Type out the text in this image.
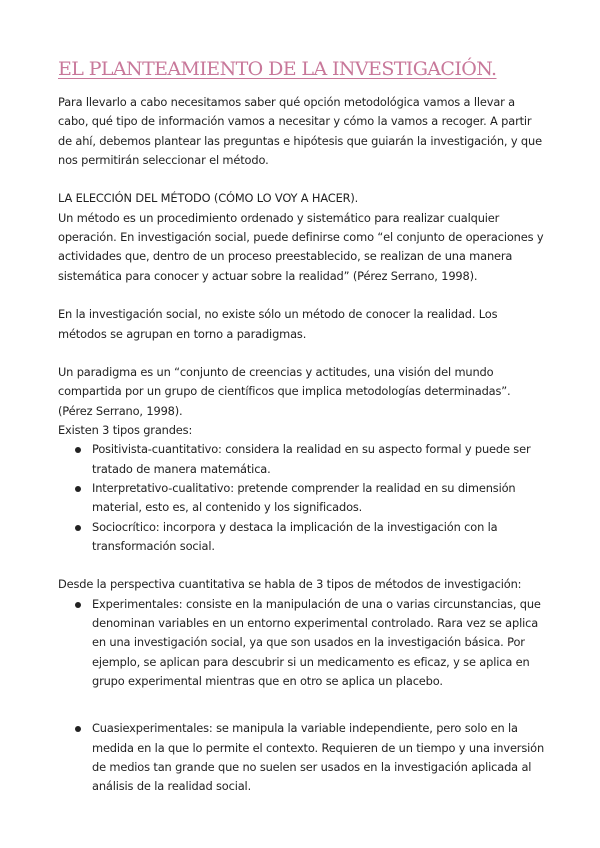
EL PLANTEAMIENTO DE LA INVESTIGACIÓN.

Para llevarlo a cabo necesitamos saber qué opción metodológica vamos a llevar a cabo, qué tipo de información vamos a necesitar y cómo la vamos a recoger. A partir de ahí, debemos plantear las preguntas e hipótesis que guiarán la investigación, y que nos permitirán seleccionar el método.

LA ELECCIÓN DEL MÉTODO (CÓMO LO VOY A HACER).

Un método es un procedimiento ordenado y sistemático para realizar cualquier operación. En investigación social, puede definirse como “el conjunto de operaciones y actividades que, dentro de un proceso preestablecido, se realizan de una manera sistemática para conocer y actuar sobre la realidad” (Pérez Serrano, 1998).

En la investigación social, no existe sólo un método de conocer la realidad. Los métodos se agrupan en torno a paradigmas.

Un paradigma es un “conjunto de creencias y actitudes, una visión del mundo compartida por un grupo de científicos que implica metodologías determinadas”. (Pérez Serrano, 1998).

Existen 3 tipos grandes:

Positivista-cuantitativo: considera la realidad en su aspecto formal y puede ser tratado de manera matemática.
Interpretativo-cualitativo: pretende comprender la realidad en su dimensión material, esto es, al contenido y los significados.
Sociocrítico: incorpora y destaca la implicación de la investigación con la transformación social.

Desde la perspectiva cuantitativa se habla de 3 tipos de métodos de investigación:

Experimentales: consiste en la manipulación de una o varias circunstancias, que denominan variables en un entorno experimental controlado. Rara vez se aplica en una investigación social, ya que son usados en la investigación básica. Por ejemplo, se aplican para descubrir si un medicamento es eficaz, y se aplica en grupo experimental mientras que en otro se aplica un placebo.
Cuasiexperimentales: se manipula la variable independiente, pero solo en la medida en la que lo permite el contexto. Requieren de un tiempo y una inversión de medios tan grande que no suelen ser usados en la investigación aplicada al análisis de la realidad social.
